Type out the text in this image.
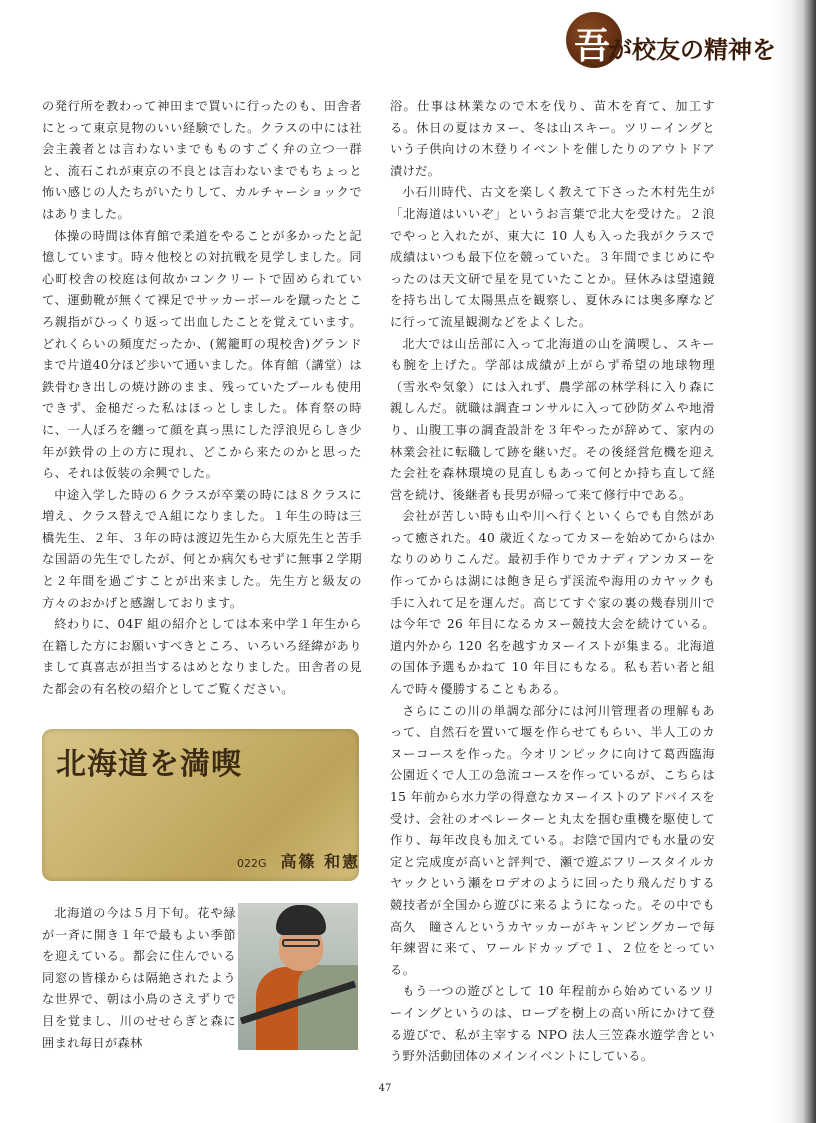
吾が校友の精神を

の発行所を教わって神田まで買いに行ったのも、田舎者にとって東京見物のいい経験でした。クラスの中には社会主義者とは言わないまでもものすごく弁の立つ一群と、流石これが東京の不良とは言わないまでもちょっと怖い感じの人たちがいたりして、カルチャーショックではありました。

体操の時間は体育館で柔道をやることが多かったと記憶しています。時々他校との対抗戦を見学しました。同心町校舎の校庭は何故かコンクリートで固められていて、運動靴が無くて裸足でサッカーボールを蹴ったところ親指がひっくり返って出血したことを覚えています。どれくらいの頻度だったか、(駕籠町の現校舎)グランドまで片道40分ほど歩いて通いました。体育館（講堂）は鉄骨むき出しの焼け跡のまま、残っていたプールも使用できず、金槌だった私はほっとしました。体育祭の時に、一人ぼろを纏って顔を真っ黒にした浮浪児らしき少年が鉄骨の上の方に現れ、どこから来たのかと思ったら、それは仮装の余興でした。

中途入学した時の６クラスが卒業の時には８クラスに増え、クラス替えでＡ組になりました。１年生の時は三橋先生、２年、３年の時は渡辺先生から大原先生と苦手な国語の先生でしたが、何とか病欠もせずに無事２学期と２年間を過ごすことが出来ました。先生方と級友の方々のおかげと感謝しております。

終わりに、04F 組の紹介としては本来中学１年生から在籍した方にお願いすべきところ、いろいろ経緯がありまして真喜志が担当するはめとなりました。田舎者の見た都会の有名校の紹介としてご覧ください。

北海道を満喫
022G 高篠 和憲

北海道の今は５月下旬。花や緑が一斉に開き１年で最もよい季節を迎えている。都会に住んでいる同窓の皆様からは隔絶されたような世界で、朝は小鳥のさえずりで目を覚まし、川のせせらぎと森に囲まれ毎日が森林

浴。仕事は林業なので木を伐り、苗木を育て、加工する。休日の夏はカヌー、冬は山スキー。ツリーイングという子供向けの木登りイベントを催したりのアウトドア漬けだ。

小石川時代、古文を楽しく教えて下さった木村先生が「北海道はいいぞ」というお言葉で北大を受けた。２浪でやっと入れたが、東大に 10 人も入った我がクラスで成績はいつも最下位を競っていた。３年間でまじめにやったのは天文研で星を見ていたことか。昼休みは望遠鏡を持ち出して太陽黒点を観察し、夏休みには奥多摩などに行って流星観測などをよくした。

北大では山岳部に入って北海道の山を満喫し、スキーも腕を上げた。学部は成績が上がらず希望の地球物理（雪氷や気象）には入れず、農学部の林学科に入り森に親しんだ。就職は調査コンサルに入って砂防ダムや地滑り、山腹工事の調査設計を３年やったが辞めて、家内の林業会社に転職して跡を継いだ。その後経営危機を迎えた会社を森林環境の見直しもあって何とか持ち直して経営を続け、後継者も長男が帰って来て修行中である。

会社が苦しい時も山や川へ行くといくらでも自然があって癒された。40 歳近くなってカヌーを始めてからはかなりのめりこんだ。最初手作りでカナディアンカヌーを作ってからは湖には飽き足らず渓流や海用のカヤックも手に入れて足を運んだ。高じてすぐ家の裏の幾春別川では今年で 26 年目になるカヌー競技大会を続けている。道内外から 120 名を越すカヌーイストが集まる。北海道の国体予選もかねて 10 年目にもなる。私も若い者と組んで時々優勝することもある。

さらにこの川の単調な部分には河川管理者の理解もあって、自然石を置いて堰を作らせてもらい、半人工のカヌーコースを作った。今オリンピックに向けて葛西臨海公園近くで人工の急流コースを作っているが、こちらは 15 年前から水力学の得意なカヌーイストのアドバイスを受け、会社のオペレーターと丸太を掴む重機を駆使して作り、毎年改良も加えている。お陰で国内でも水量の安定と完成度が高いと評判で、瀬で遊ぶフリースタイルカヤックという瀬をロデオのように回ったり飛んだりする競技者が全国から遊びに来るようになった。その中でも高久　瞳さんというカヤッカーがキャンピングカーで毎年練習に来て、ワールドカップで１、２位をとっている。

もう一つの遊びとして 10 年程前から始めているツリーイングというのは、ロープを樹上の高い所にかけて登る遊びで、私が主宰する NPO 法人三笠森水遊学舎という野外活動団体のメインイベントにしている。

47
